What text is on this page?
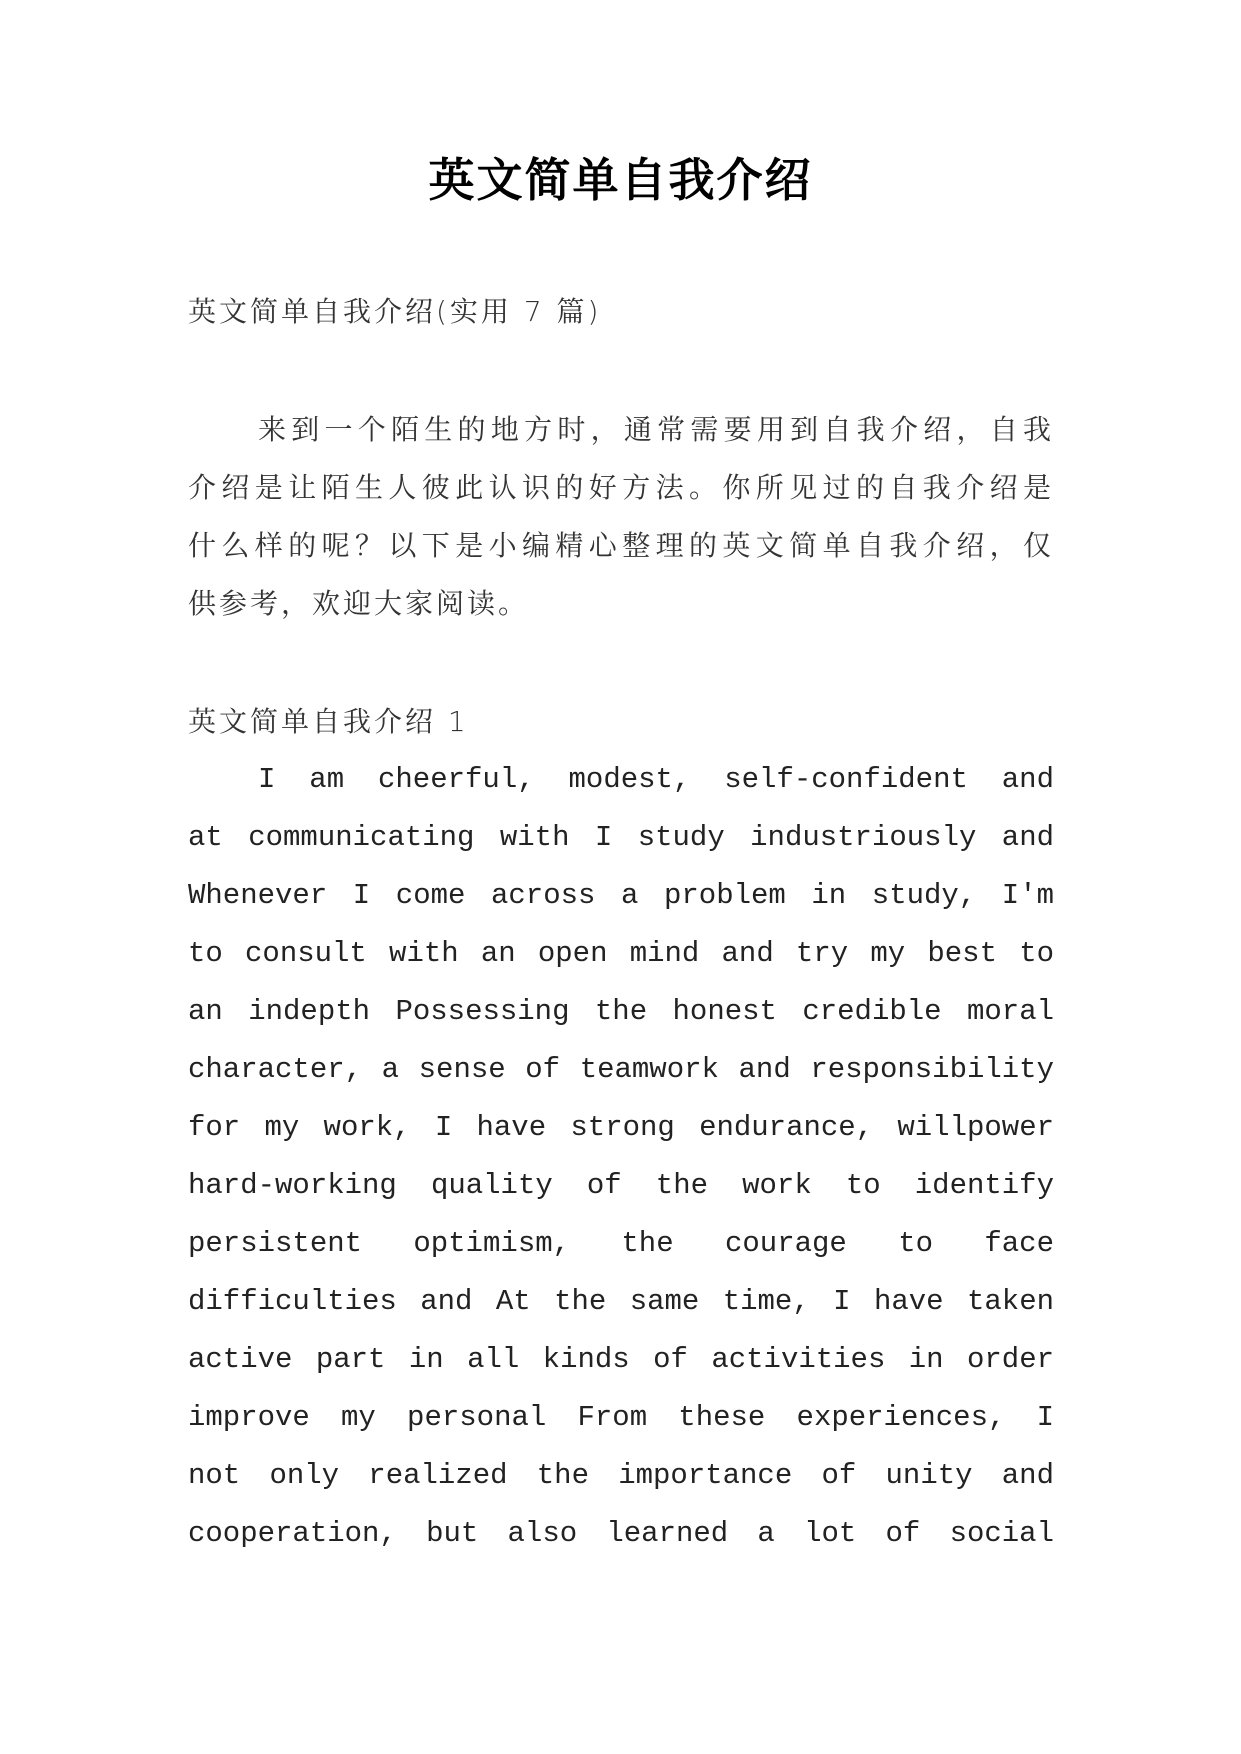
英文简单自我介绍
英文简单自我介绍(实用 7 篇)
来到一个陌生的地方时，通常需要用到自我介绍，自我
介绍是让陌生人彼此认识的好方法。你所见过的自我介绍是
什么样的呢？以下是小编精心整理的英文简单自我介绍，仅
供参考，欢迎大家阅读。
英文简单自我介绍 1
I am cheerful, modest, self-confident and
at communicating with I study industriously and
Whenever I come across a problem in study, I'm
to consult with an open mind and try my best to
an indepth Possessing the honest credible moral
character, a sense of teamwork and responsibility
for my work, I have strong endurance, willpower
hard-working quality of the work to identify
persistent optimism, the courage to face
difficulties and At the same time, I have taken
active part in all kinds of activities in order
improve my personal From these experiences, I
not only realized the importance of unity and
cooperation, but also learned a lot of social
